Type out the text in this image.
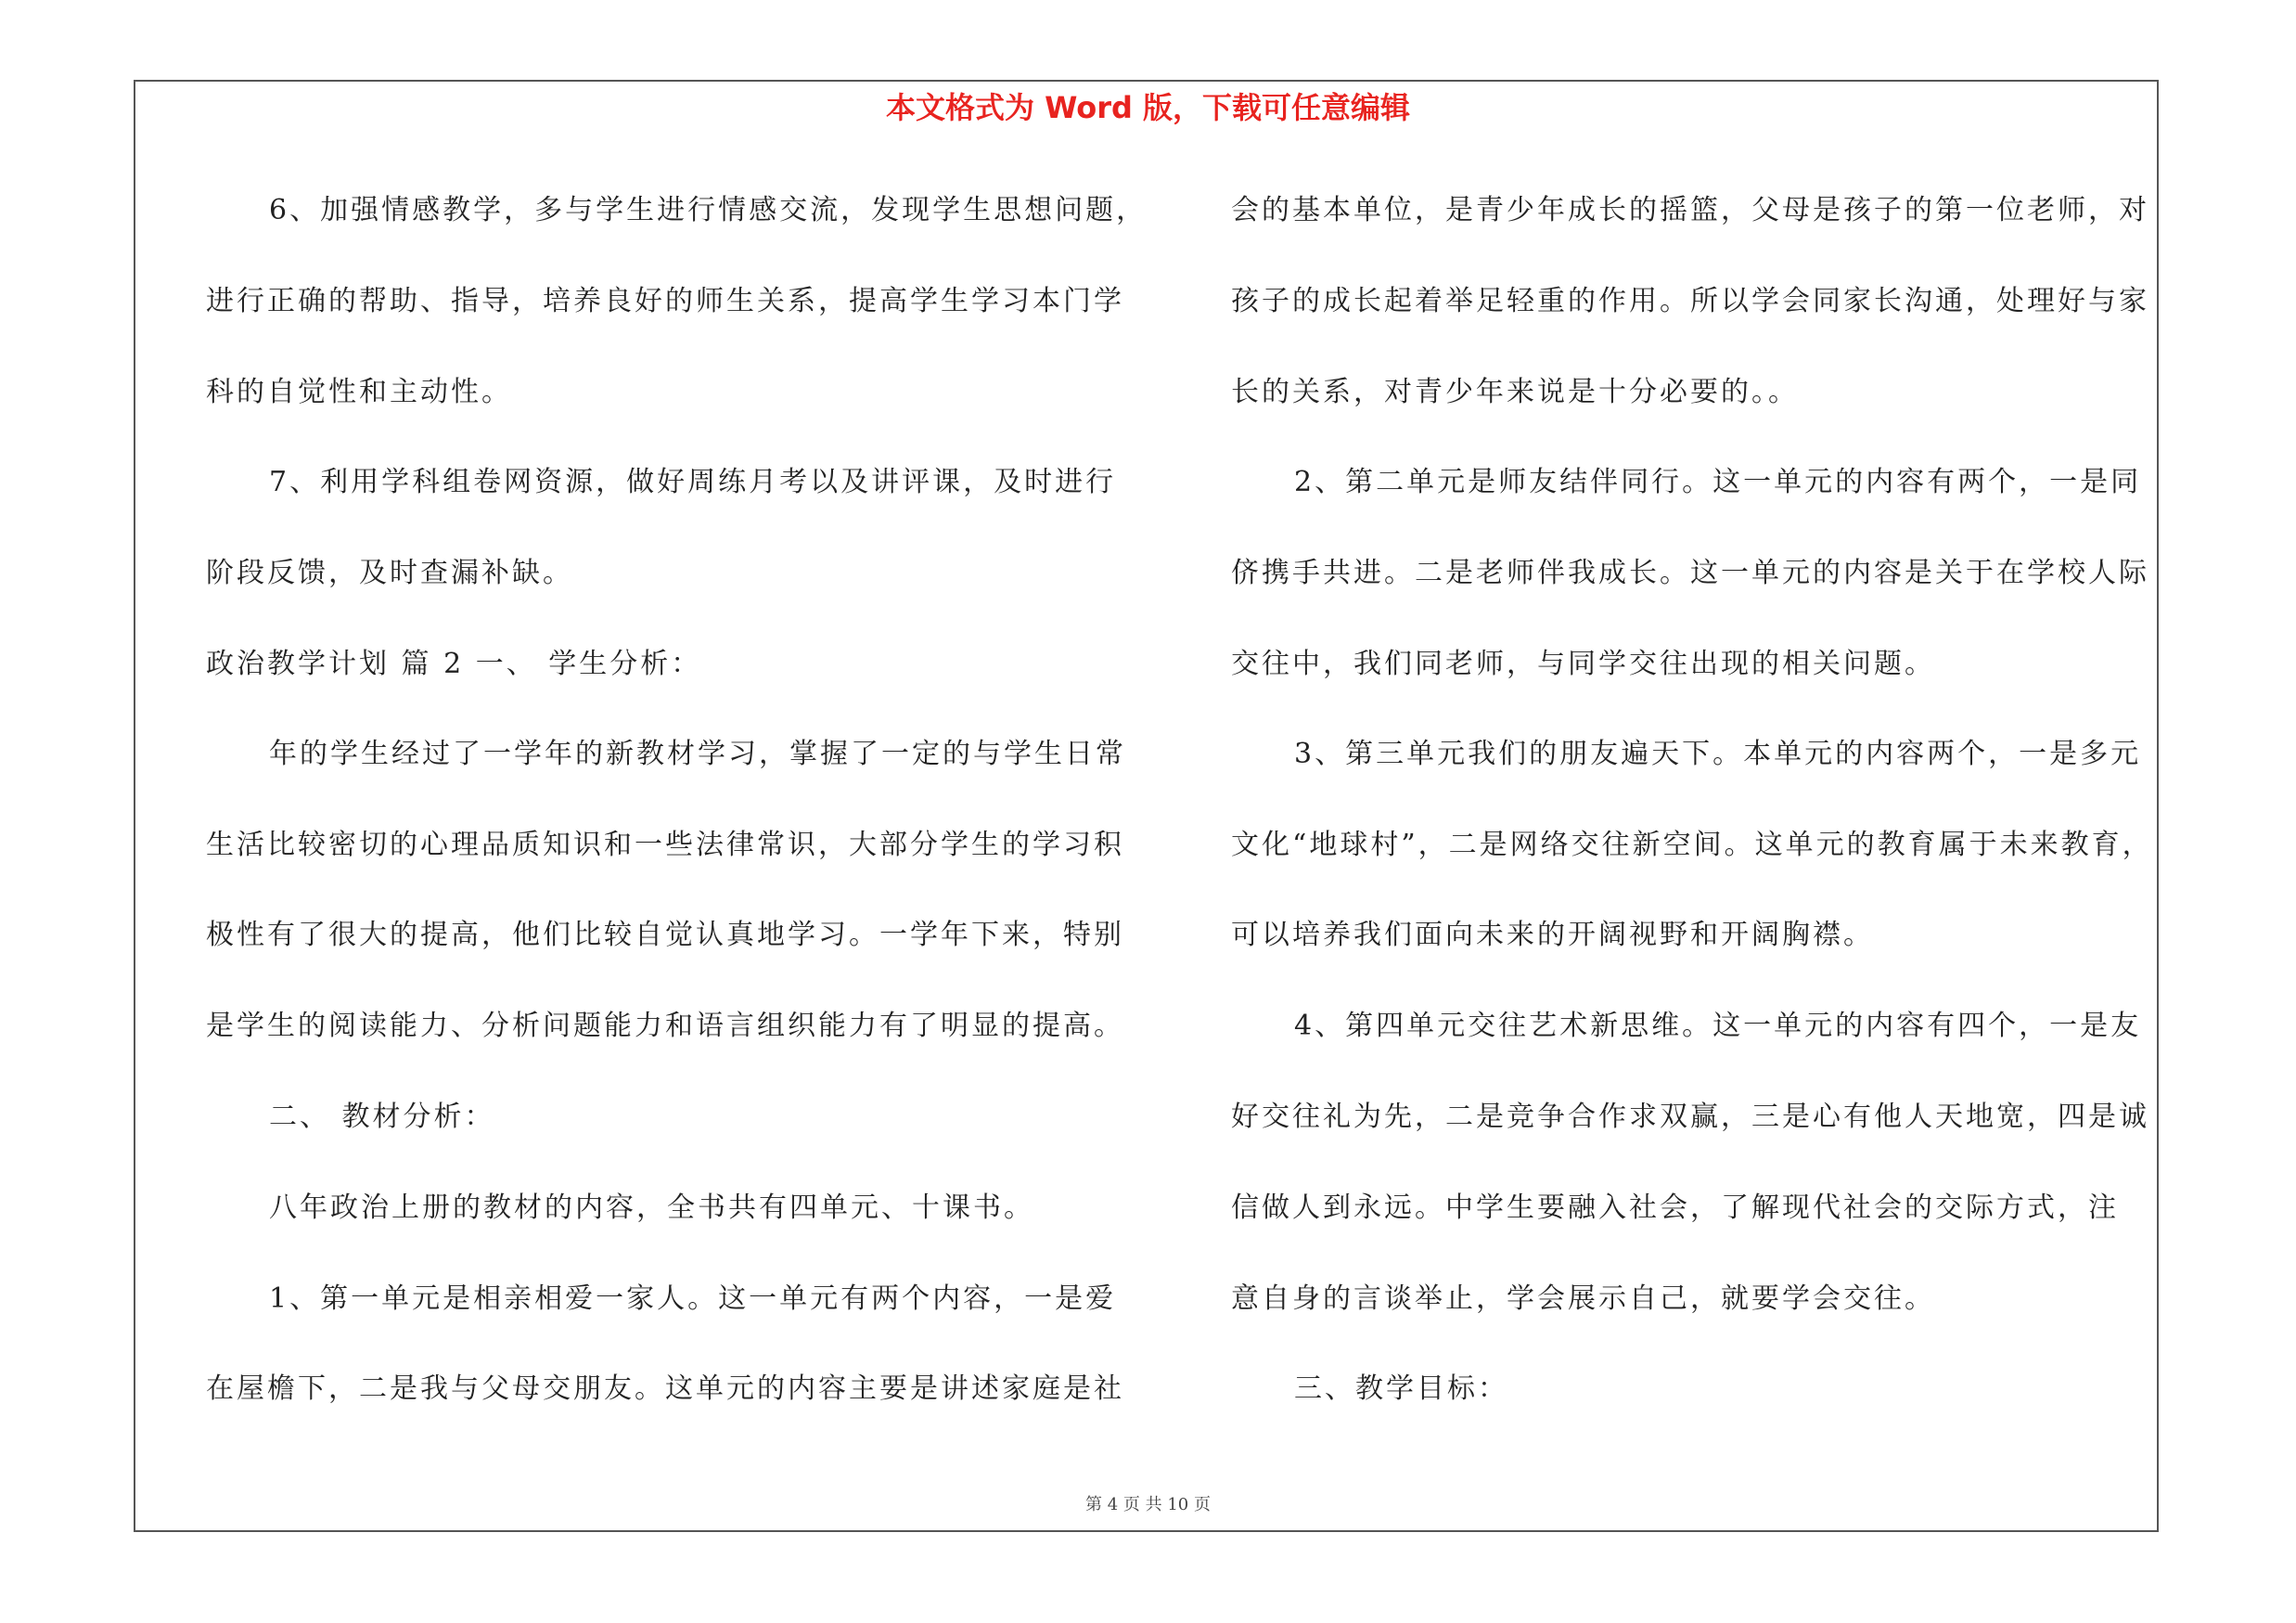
本文格式为 Word 版，下载可任意编辑
6、加强情感教学，多与学生进行情感交流，发现学生思想问题，
进行正确的帮助、指导，培养良好的师生关系，提高学生学习本门学
科的自觉性和主动性。
7、利用学科组卷网资源，做好周练月考以及讲评课，及时进行
阶段反馈，及时查漏补缺。
政治教学计划 篇 2 一、 学生分析：
年的学生经过了一学年的新教材学习，掌握了一定的与学生日常
生活比较密切的心理品质知识和一些法律常识，大部分学生的学习积
极性有了很大的提高，他们比较自觉认真地学习。一学年下来，特别
是学生的阅读能力、分析问题能力和语言组织能力有了明显的提高。
二、 教材分析：
八年政治上册的教材的内容，全书共有四单元、十课书。
1、第一单元是相亲相爱一家人。这一单元有两个内容，一是爱
在屋檐下，二是我与父母交朋友。这单元的内容主要是讲述家庭是社
会的基本单位，是青少年成长的摇篮，父母是孩子的第一位老师，对
孩子的成长起着举足轻重的作用。所以学会同家长沟通，处理好与家
长的关系，对青少年来说是十分必要的。。
2、第二单元是师友结伴同行。这一单元的内容有两个，一是同
侪携手共进。二是老师伴我成长。这一单元的内容是关于在学校人际
交往中，我们同老师，与同学交往出现的相关问题。
3、第三单元我们的朋友遍天下。本单元的内容两个，一是多元
文化“地球村”，二是网络交往新空间。这单元的教育属于未来教育，
可以培养我们面向未来的开阔视野和开阔胸襟。
4、第四单元交往艺术新思维。这一单元的内容有四个，一是友
好交往礼为先，二是竞争合作求双赢，三是心有他人天地宽，四是诚
信做人到永远。中学生要融入社会，了解现代社会的交际方式，注
意自身的言谈举止，学会展示自己，就要学会交往。
三、教学目标：
第 4 页 共 10 页
